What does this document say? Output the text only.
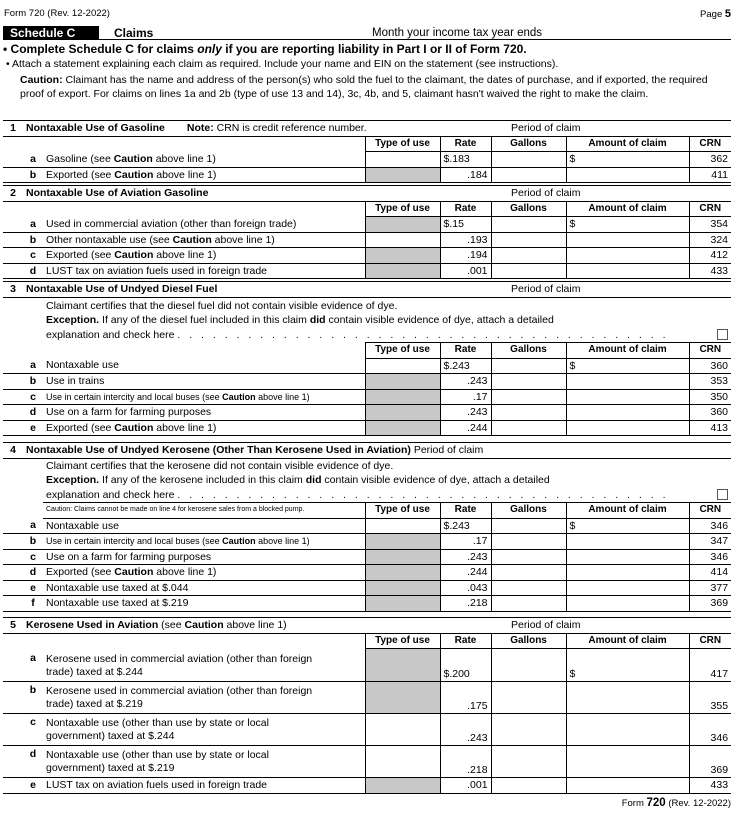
Form 720 (Rev. 12-2022)	Page 5
Schedule C	Claims	Month your income tax year ends
• Complete Schedule C for claims only if you are reporting liability in Part I or II of Form 720.
• Attach a statement explaining each claim as required. Include your name and EIN on the statement (see instructions).
Caution: Claimant has the name and address of the person(s) who sold the fuel to the claimant, the dates of purchase, and if exported, the required proof of export. For claims on lines 1a and 2b (type of use 13 and 14), 3c, 4b, and 5, claimant hasn't waived the right to make the claim.
1	Nontaxable Use of Gasoline Note: CRN is credit reference number.				Period of claim		
			Type of use	Rate	Gallons	Amount of claim	CRN
	a	Gasoline (see Caution above line 1)		$.183		$	362
	b	Exported (see Caution above line 1)		.184			411
2	Nontaxable Use of Aviation Gasoline				Period of claim		
			Type of use	Rate	Gallons	Amount of claim	CRN
	a	Used in commercial aviation (other than foreign trade)		$.15		$	354
	b	Other nontaxable use (see Caution above line 1)		.193			324
	c	Exported (see Caution above line 1)		.194			412
	d	LUST tax on aviation fuels used in foreign trade		.001			433
3	Nontaxable Use of Undyed Diesel Fuel				Period of claim		
		Claimant certifies that the diesel fuel did not contain visible evidence of dye.					
		Exception. If any of the diesel fuel included in this claim did contain visible evidence of dye, attach a detailed					
		explanation and check here . . . . . . . . . . . . . . . . . . . . . . . . . . . . . . . . . . . . . . . . . .					
			Type of use	Rate	Gallons	Amount of claim	CRN
	a	Nontaxable use		$.243		$	360
	b	Use in trains		.243			353
	c	Use in certain intercity and local buses (see Caution above line 1)		.17			350
	d	Use on a farm for farming purposes		.243			360
	e	Exported (see Caution above line 1)		.244			413
4	Nontaxable Use of Undyed Kerosene (Other Than Kerosene Used in Aviation) Period of claim						
		Claimant certifies that the kerosene did not contain visible evidence of dye.					
		Exception. If any of the kerosene included in this claim did contain visible evidence of dye, attach a detailed					
		explanation and check here . . . . . . . . . . . . . . . . . . . . . . . . . . . . . . . . . . . . . . . . . .					
		Caution: Claims cannot be made on line 4 for kerosene sales from a blocked pump.	Type of use	Rate	Gallons	Amount of claim	CRN
	a	Nontaxable use		$.243		$	346
	b	Use in certain intercity and local buses (see Caution above line 1)		.17			347
	c	Use on a farm for farming purposes		.243			346
	d	Exported (see Caution above line 1)		.244			414
	e	Nontaxable use taxed at $.044		.043			377
	f	Nontaxable use taxed at $.219		.218			369
5	Kerosene Used in Aviation (see Caution above line 1)				Period of claim		
			Type of use	Rate	Gallons	Amount of claim	CRN
	a	Kerosene used in commercial aviation (other than foreign
trade) taxed at $.244		$.200		$	417
	b	Kerosene used in commercial aviation (other than foreign
trade) taxed at $.219		.175			355
	c	Nontaxable use (other than use by state or local
government) taxed at $.244		.243			346
	d	Nontaxable use (other than use by state or local
government) taxed at $.219		.218			369
	e	LUST tax on aviation fuels used in foreign trade		.001			433
Form 720 (Rev. 12-2022)
